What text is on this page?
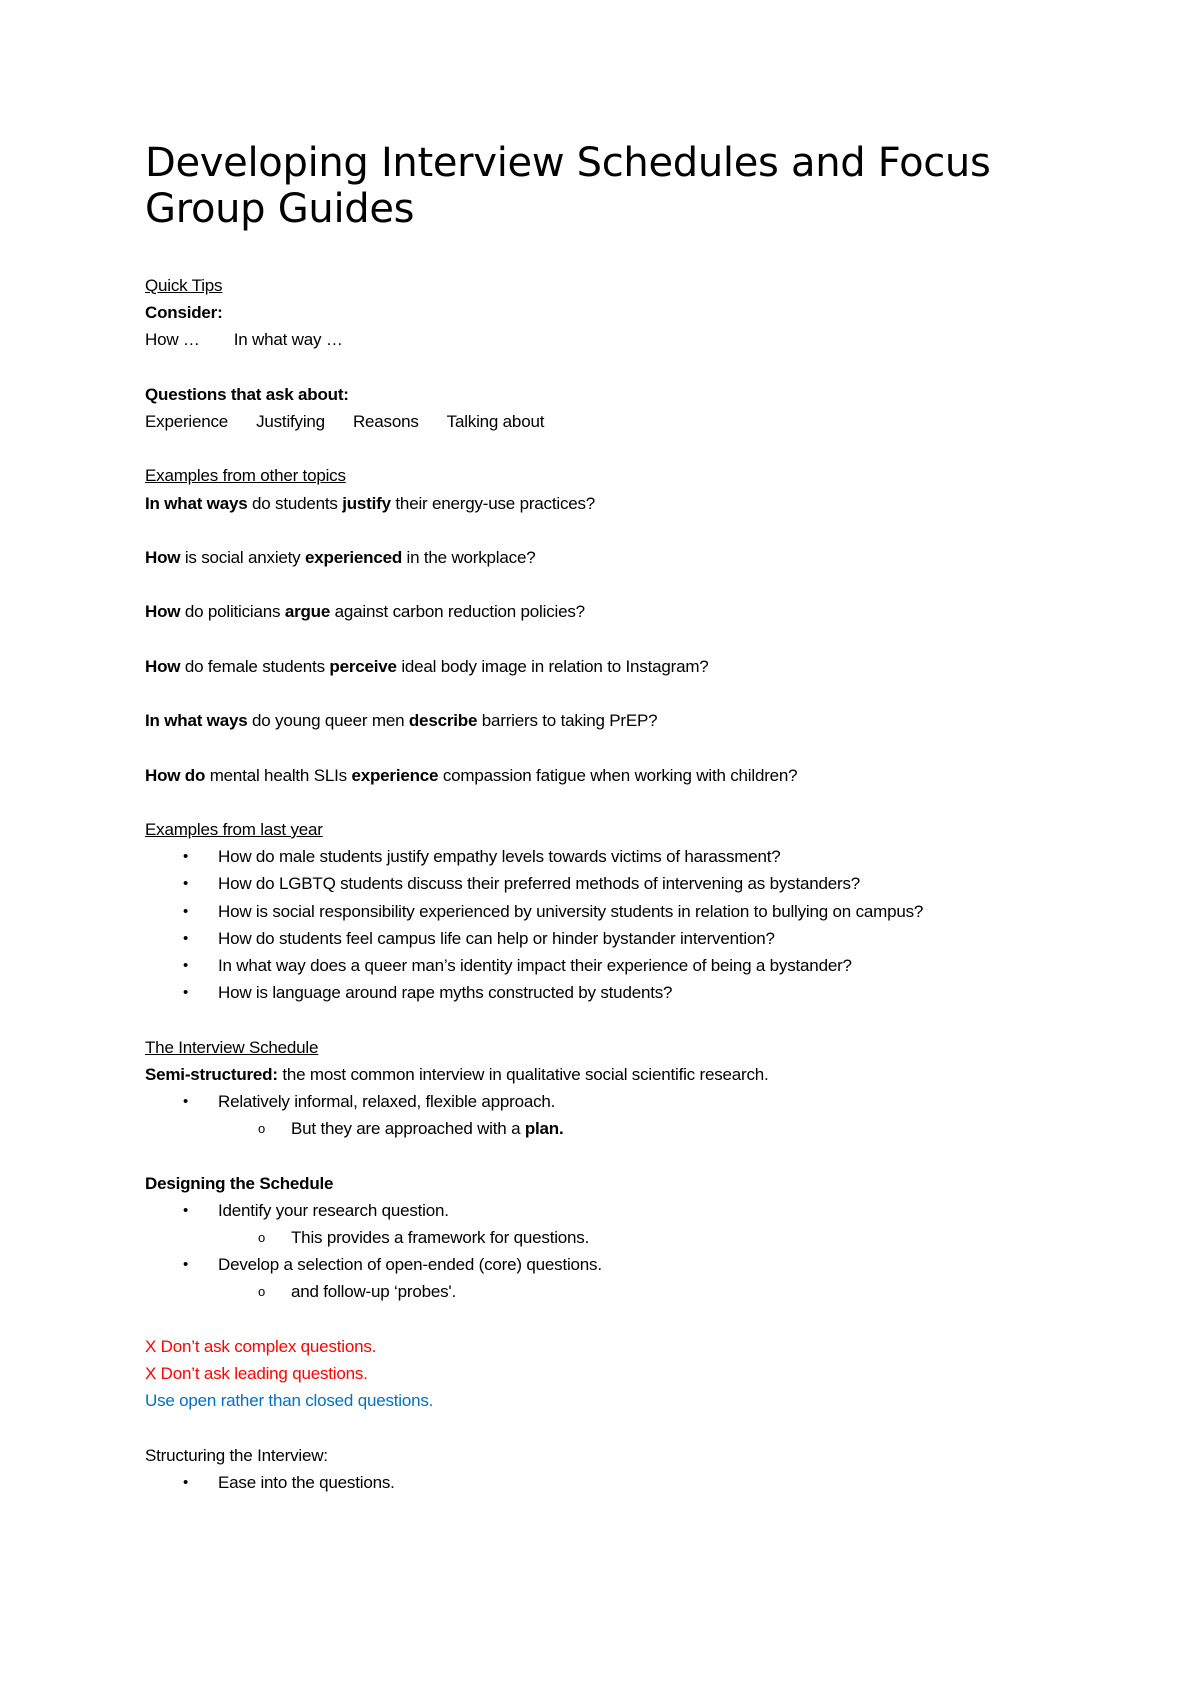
Developing Interview Schedules and Focus
Group Guides
Quick Tips
Consider:
How … In what way …
Questions that ask about:
Experience Justifying Reasons Talking about
Examples from other topics
In what ways do students justify their energy-use practices?
How is social anxiety experienced in the workplace?
How do politicians argue against carbon reduction policies?
How do female students perceive ideal body image in relation to Instagram?
In what ways do young queer men describe barriers to taking PrEP?
How do mental health SLIs experience compassion fatigue when working with children?
Examples from last year
• How do male students justify empathy levels towards victims of harassment?
• How do LGBTQ students discuss their preferred methods of intervening as bystanders?
• How is social responsibility experienced by university students in relation to bullying on campus?
• How do students feel campus life can help or hinder bystander intervention?
• In what way does a queer man’s identity impact their experience of being a bystander?
• How is language around rape myths constructed by students?
The Interview Schedule
Semi-structured: the most common interview in qualitative social scientific research.
• Relatively informal, relaxed, flexible approach.
o But they are approached with a plan.
Designing the Schedule
• Identify your research question.
o This provides a framework for questions.
• Develop a selection of open-ended (core) questions.
o and follow-up ‘probes'.
X Don’t ask complex questions.
X Don’t ask leading questions.
Use open rather than closed questions.
Structuring the Interview:
• Ease into the questions.
